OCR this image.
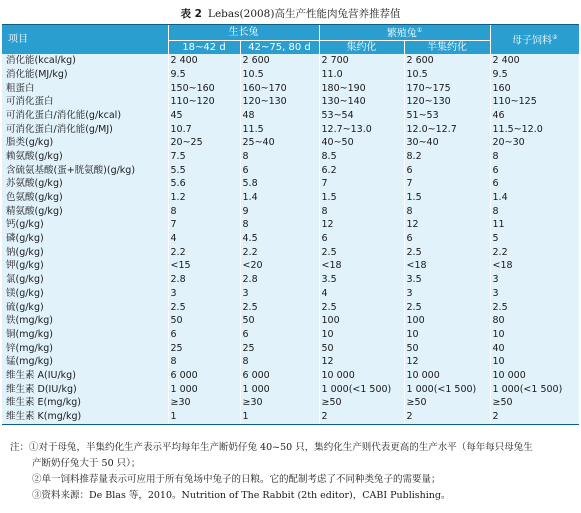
表 2 Lebas(2008)高生产性能肉兔营养推荐值
项目	生长兔		繁殖兔①		母子饲料②
	18~42 d	42~75, 80 d	集约化	半集约化	
消化能(kcal/kg)	2 400	2 600	2 700	2 600	2 400
消化能(MJ/kg)	9.5	10.5	11.0	10.5	9.5
粗蛋白	150~160	160~170	180~190	170~175	160
可消化蛋白	110~120	120~130	130~140	120~130	110~125
可消化蛋白/消化能(g/kcal)	45	48	53~54	51~53	46
可消化蛋白/消化能(g/MJ)	10.7	11.5	12.7~13.0	12.0~12.7	11.5~12.0
脂类(g/kg)	20~25	25~40	40~50	30~40	20~30
赖氨酸(g/kg)	7.5	8	8.5	8.2	8
含硫氨基酸(蛋+胱氨酸)(g/kg)	5.5	6	6.2	6	6
苏氨酸(g/kg)	5.6	5.8	7	7	6
色氨酸(g/kg)	1.2	1.4	1.5	1.5	1.4
精氨酸(g/kg)	8	9	8	8	8
钙(g/kg)	7	8	12	12	11
磷(g/kg)	4	4.5	6	6	5
钠(g/kg)	2.2	2.2	2.5	2.5	2.2
钾(g/kg)	<15	<20	<18	<18	<18
氯(g/kg)	2.8	2.8	3.5	3.5	3
镁(g/kg)	3	3	4	3	3
硫(g/kg)	2.5	2.5	2.5	2.5	2.5
铁(mg/kg)	50	50	100	100	80
铜(mg/kg)	6	6	10	10	10
锌(mg/kg)	25	25	50	50	40
锰(mg/kg)	8	8	12	12	10
维生素 A(IU/kg)	6 000	6 000	10 000	10 000	10 000
维生素 D(IU/kg)	1 000	1 000	1 000(<1 500)	1 000(<1 500)	1 000(<1 500)
维生素 E(mg/kg)	≥30	≥30	≥50	≥50	≥50
维生素 K(mg/kg)	1	1	2	2	2

注：①对于母兔，半集约化生产表示平均每年生产断奶仔兔 40~50 只，集约化生产则代表更高的生产水平（每年每只母兔生

产断奶仔兔大于 50 只）；

②单一饲料推荐量表示可应用于所有兔场中兔子的日粮。它的配制考虑了不同种类兔子的需要量；

③资料来源：De Blas 等，2010。Nutrition of The Rabbit (2th editor)，CABI Publishing。
